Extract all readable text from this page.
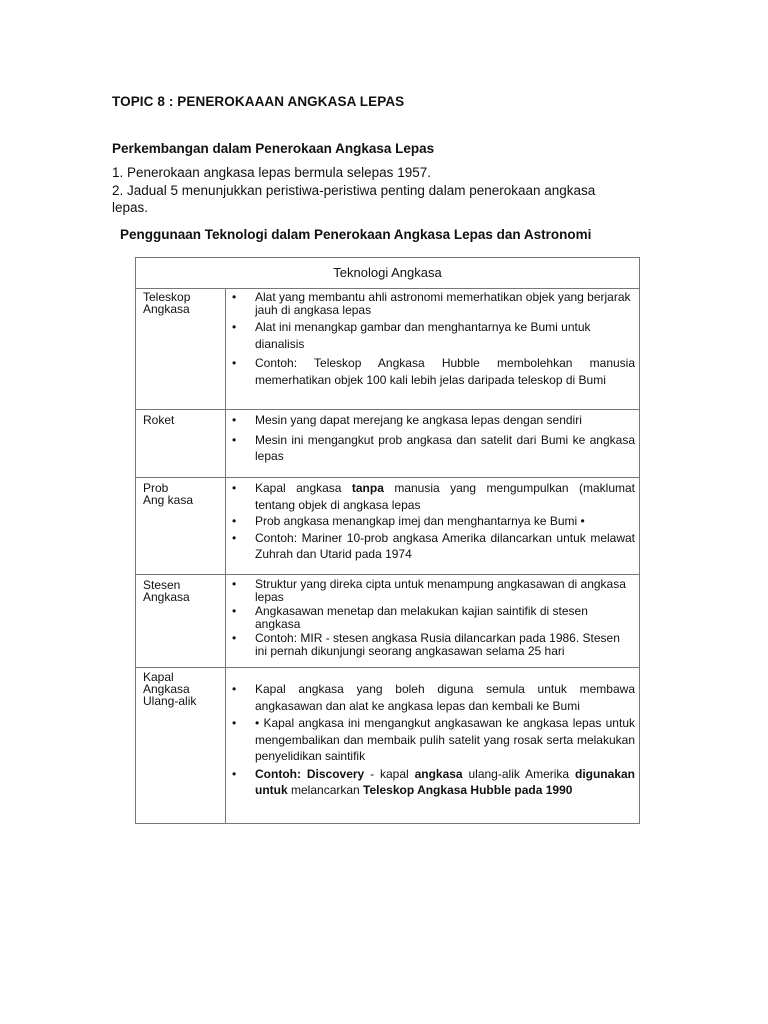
TOPIC 8 : PENEROKAAAN ANGKASA LEPAS
Perkembangan dalam Penerokaan Angkasa Lepas

1. Penerokaan angkasa lepas bermula selepas 1957.

2. Jadual 5 menunjukkan peristiwa-peristiwa penting dalam penerokaan angkasa lepas.

Penggunaan Teknologi dalam Penerokaan Angkasa Lepas dan Astronomi
Teknologi Angkasa
Teleskop
Angkasa
• Alat yang membantu ahli astronomi memerhatikan objek yang berjarak jauh di angkasa lepas
• Alat ini menangkap gambar dan menghantarnya ke Bumi untuk dianalisis
• Contoh: Teleskop Angkasa Hubble membolehkan manusia memerhatikan objek 100 kali lebih jelas daripada teleskop di Bumi
Roket
•	Mesin yang dapat merejang ke angkasa lepas dengan sendiri
• Mesin ini mengangkut prob angkasa dan satelit dari Bumi ke angkasa lepas
Prob
Ang kasa
• Kapal angkasa tanpa manusia yang mengumpulkan (maklumat tentang objek di angkasa lepas
• Prob angkasa menangkap imej dan menghantarnya ke Bumi •
• Contoh: Mariner 10-prob angkasa Amerika dilancarkan untuk melawat Zuhrah dan Utarid pada 1974
Stesen
Angkasa
• Struktur yang direka cipta untuk menampung angkasawan di angkasa lepas
• Angkasawan menetap dan melakukan kajian saintifik di stesen angkasa
• Contoh: MIR - stesen angkasa Rusia dilancarkan pada 1986. Stesen ini pernah dikunjungi seorang angkasawan selama 25 hari
Kapal
Angkasa
Ulang-alik
• Kapal angkasa yang boleh diguna semula untuk membawa angkasawan dan alat ke angkasa lepas dan kembali ke Bumi
• • Kapal angkasa ini mengangkut angkasawan ke angkasa lepas untuk mengembalikan dan membaik pulih satelit yang rosak serta melakukan penyelidikan saintifik
• Contoh: Discovery - kapal angkasa ulang-alik Amerika digunakan untuk melancarkan Teleskop Angkasa Hubble pada 1990
